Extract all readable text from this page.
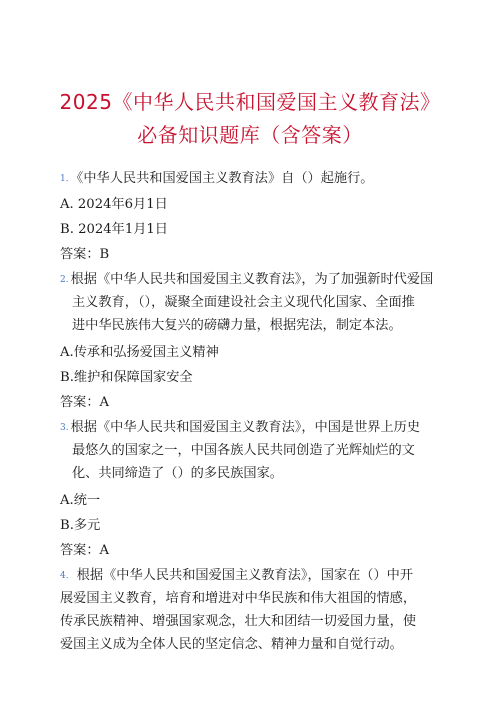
2025《中华人民共和国爱国主义教育法》
必备知识题库（含答案）
1． 《中华人民共和国爱国主义教育法》自（）起施行。
A. 2024年6月1日
B. 2024年1月1日
答案：B
2. 根据《中华人民共和国爱国主义教育法》，为了加强新时代爱国
主义教育，（），凝聚全面建设社会主义现代化国家、全面推
进中华民族伟大复兴的磅礴力量，根据宪法，制定本法。
A.传承和弘扬爱国主义精神
B.维护和保障国家安全
答案：A
3. 根据《中华人民共和国爱国主义教育法》，中国是世界上历史
最悠久的国家之一，中国各族人民共同创造了光辉灿烂的文
化、共同缔造了（）的多民族国家。
A.统一
B.多元
答案：A
4． 根据《中华人民共和国爱国主义教育法》，国家在（）中开
展爱国主义教育，培育和增进对中华民族和伟大祖国的情感，
传承民族精神、增强国家观念，壮大和团结一切爱国力量，使
爱国主义成为全体人民的坚定信念、精神力量和自觉行动。
